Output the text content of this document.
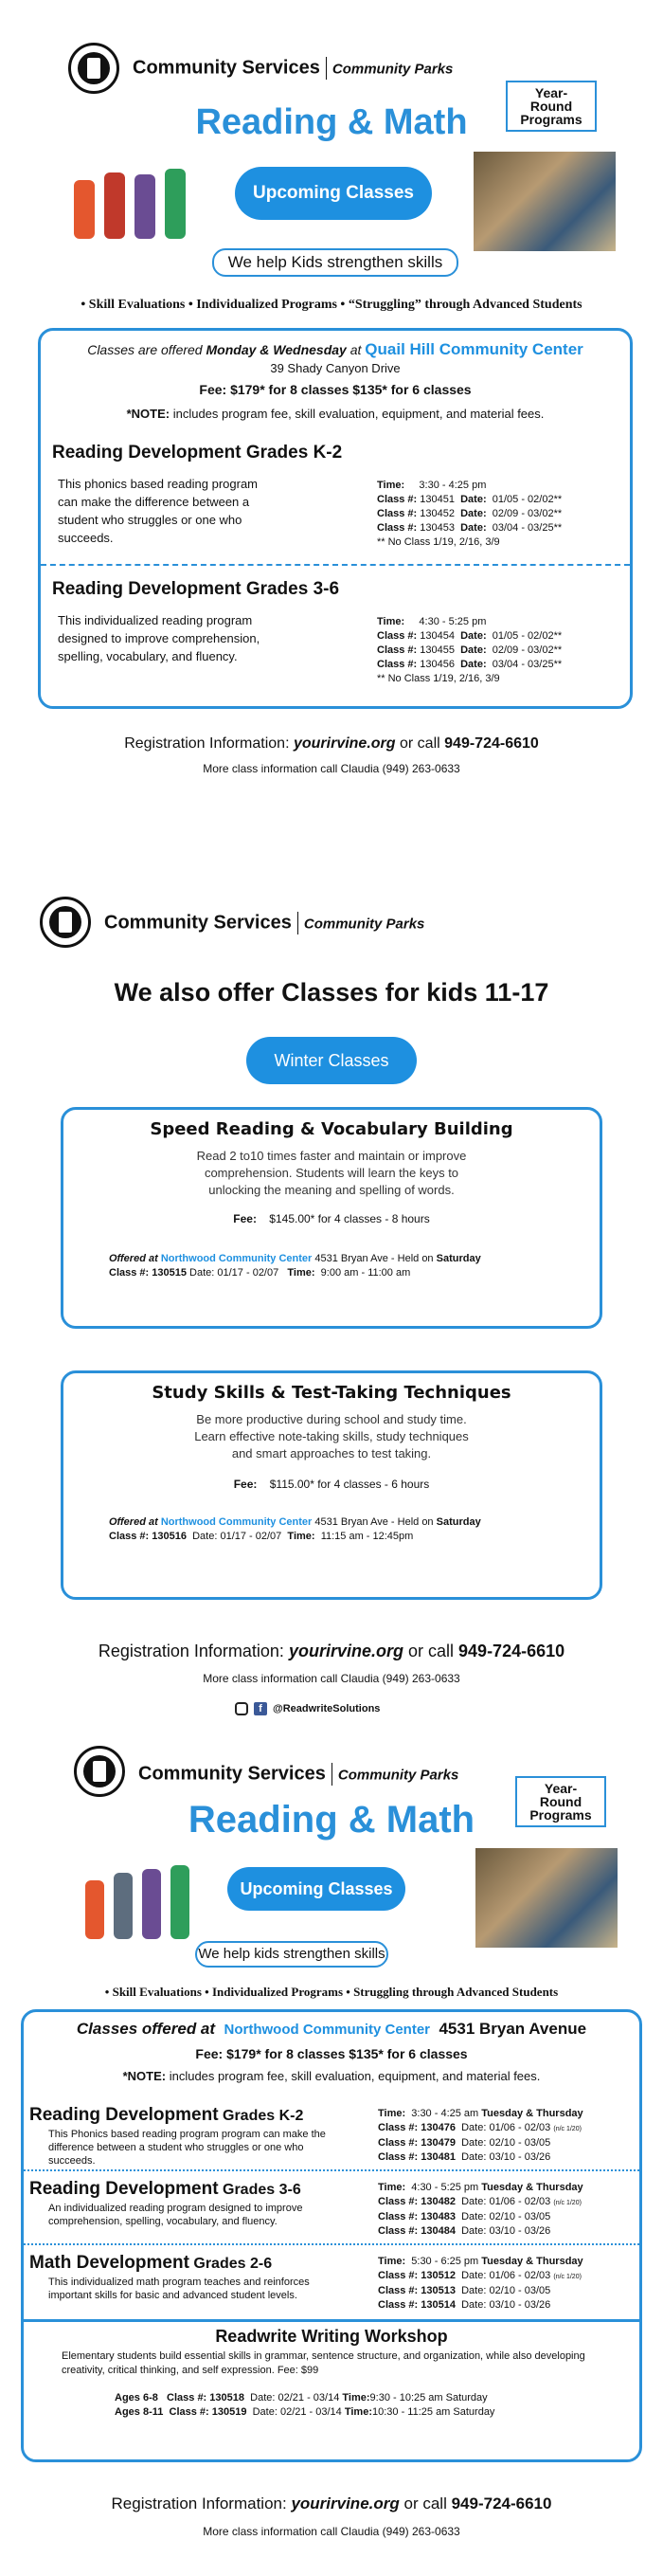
Community Services Community Parks
Year-Round Programs
Reading & Math
Upcoming Classes
We help Kids strengthen skills
• Skill Evaluations • Individualized Programs • “Struggling” through Advanced Students
Classes are offered Monday & Wednesday at Quail Hill Community Center
39 Shady Canyon Drive
Fee: $179* for 8 classes $135* for 6 classes
*NOTE: includes program fee, skill evaluation, equipment, and material fees.
Reading Development Grades K-2
This phonics based reading program can make the difference between a student who struggles or one who succeeds.
Time: 3:30 - 4:25 pm
Class #: 130451 Date: 01/05 - 02/02**
Class #: 130452 Date: 02/09 - 03/02**
Class #: 130453 Date: 03/04 - 03/25**
** No Class 1/19, 2/16, 3/9
Reading Development Grades 3-6
This individualized reading program designed to improve comprehension, spelling, vocabulary, and fluency.
Time: 4:30 - 5:25 pm
Class #: 130454 Date: 01/05 - 02/02**
Class #: 130455 Date: 02/09 - 03/02**
Class #: 130456 Date: 03/04 - 03/25**
** No Class 1/19, 2/16, 3/9
Registration Information: yourirvine.org or call 949-724-6610
More class information call Claudia (949) 263-0633
Community Services Community Parks
We also offer Classes for kids 11-17
Winter Classes
Speed Reading & Vocabulary Building
Read 2 to10 times faster and maintain or improve
comprehension. Students will learn the keys to
unlocking the meaning and spelling of words.
Fee: $145.00* for 4 classes - 8 hours
Offered at Northwood Community Center 4531 Bryan Ave - Held on Saturday
Class #: 130515 Date: 01/17 - 02/07 Time: 9:00 am - 11:00 am
Study Skills & Test-Taking Techniques
Be more productive during school and study time.
Learn effective note-taking skills, study techniques
and smart approaches to test taking.
Fee: $115.00* for 4 classes - 6 hours
Offered at Northwood Community Center 4531 Bryan Ave - Held on Saturday
Class #: 130516 Date: 01/17 - 02/07 Time: 11:15 am - 12:45pm
Registration Information: yourirvine.org or call 949-724-6610
More class information call Claudia (949) 263-0633
f	@ReadwriteSolutions
Community Services Community Parks
Year-Round Programs
Reading & Math
Upcoming Classes
We help kids strengthen skills
• Skill Evaluations • Individualized Programs • Struggling through Advanced Students
Classes offered at Northwood Community Center 4531 Bryan Avenue
Fee: $179* for 8 classes $135* for 6 classes
*NOTE: includes program fee, skill evaluation, equipment, and material fees.
Reading Development Grades K-2
This Phonics based reading program program can make the difference between a student who struggles or one who succeeds.
Time: 3:30 - 4:25 am Tuesday & Thursday
Class #: 130476 Date: 01/06 - 02/03 (n/c 1/20)
Class #: 130479 Date: 02/10 - 03/05
Class #: 130481 Date: 03/10 - 03/26
Reading Development Grades 3-6
An individualized reading program designed to improve comprehension, spelling, vocabulary, and fluency.
Time: 4:30 - 5:25 pm Tuesday & Thursday
Class #: 130482 Date: 01/06 - 02/03 (n/c 1/20)
Class #: 130483 Date: 02/10 - 03/05
Class #: 130484 Date: 03/10 - 03/26
Math Development Grades 2-6
This individualized math program teaches and reinforces important skills for basic and advanced student levels.
Time: 5:30 - 6:25 pm Tuesday & Thursday
Class #: 130512 Date: 01/06 - 02/03 (n/c 1/20)
Class #: 130513 Date: 02/10 - 03/05
Class #: 130514 Date: 03/10 - 03/26
Readwrite Writing Workshop
Elementary students build essential skills in grammar, sentence structure, and organization, while also developing creativity, critical thinking, and self expression. Fee: $99
Ages 6-8 Class #: 130518 Date: 02/21 - 03/14 Time:9:30 - 10:25 am Saturday
Ages 8-11 Class #: 130519 Date: 02/21 - 03/14 Time:10:30 - 11:25 am Saturday
Registration Information: yourirvine.org or call 949-724-6610
More class information call Claudia (949) 263-0633
